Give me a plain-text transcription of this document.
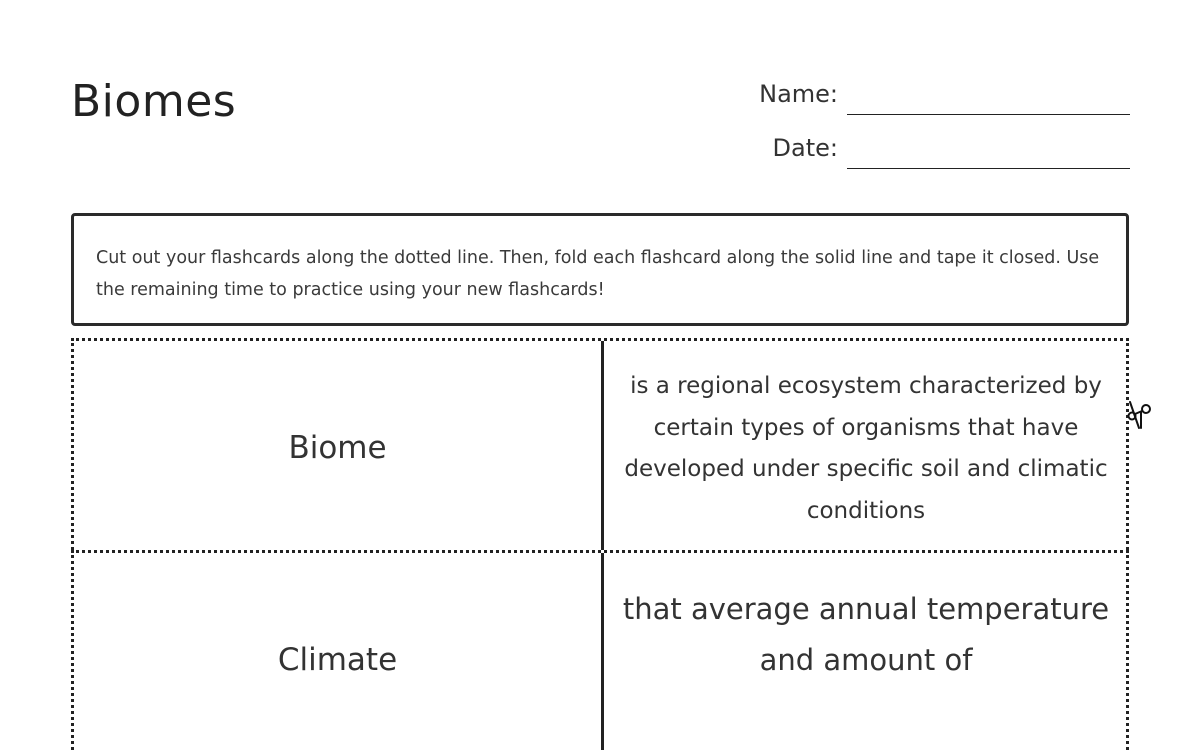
Biomes	Name:
Date:
Cut out your flashcards along the dotted line. Then, fold each flashcard along the solid line and tape it closed. Use the remaining time to practice using your new flashcards!
Biome
is a regional ecosystem characterized by certain types of organisms that have developed under specific soil and climatic conditions
Climate
that average annual temperature and amount of
